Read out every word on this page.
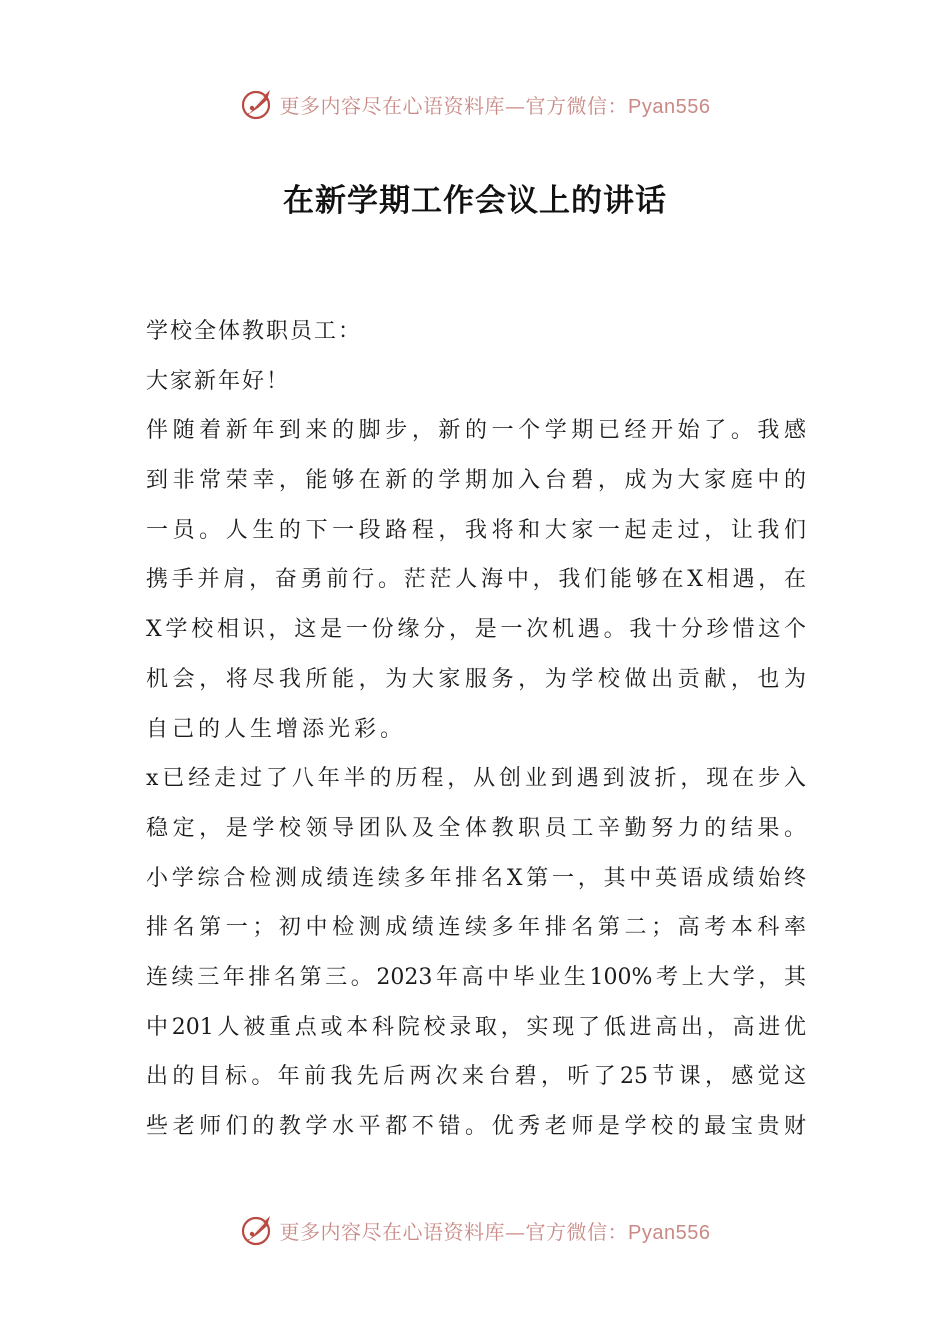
更多内容尽在心语资料库—官方微信：Pyan556
在新学期工作会议上的讲话
学校全体教职员工：
大家新年好！
伴随着新年到来的脚步，新的一个学期已经开始了。我感
到非常荣幸，能够在新的学期加入台碧，成为大家庭中的
一员。人生的下一段路程，我将和大家一起走过，让我们
携手并肩，奋勇前行。茫茫人海中，我们能够在X相遇，在
X学校相识，这是一份缘分，是一次机遇。我十分珍惜这个
机会，将尽我所能，为大家服务，为学校做出贡献，也为
自己的人生增添光彩。
x已经走过了八年半的历程，从创业到遇到波折，现在步入
稳定，是学校领导团队及全体教职员工辛勤努力的结果。
小学综合检测成绩连续多年排名X第一，其中英语成绩始终
排名第一；初中检测成绩连续多年排名第二；高考本科率
连续三年排名第三。2023年高中毕业生100%考上大学，其
中201人被重点或本科院校录取，实现了低进高出，高进优
出的目标。年前我先后两次来台碧，听了25节课，感觉这
些老师们的教学水平都不错。优秀老师是学校的最宝贵财
更多内容尽在心语资料库—官方微信：Pyan556
